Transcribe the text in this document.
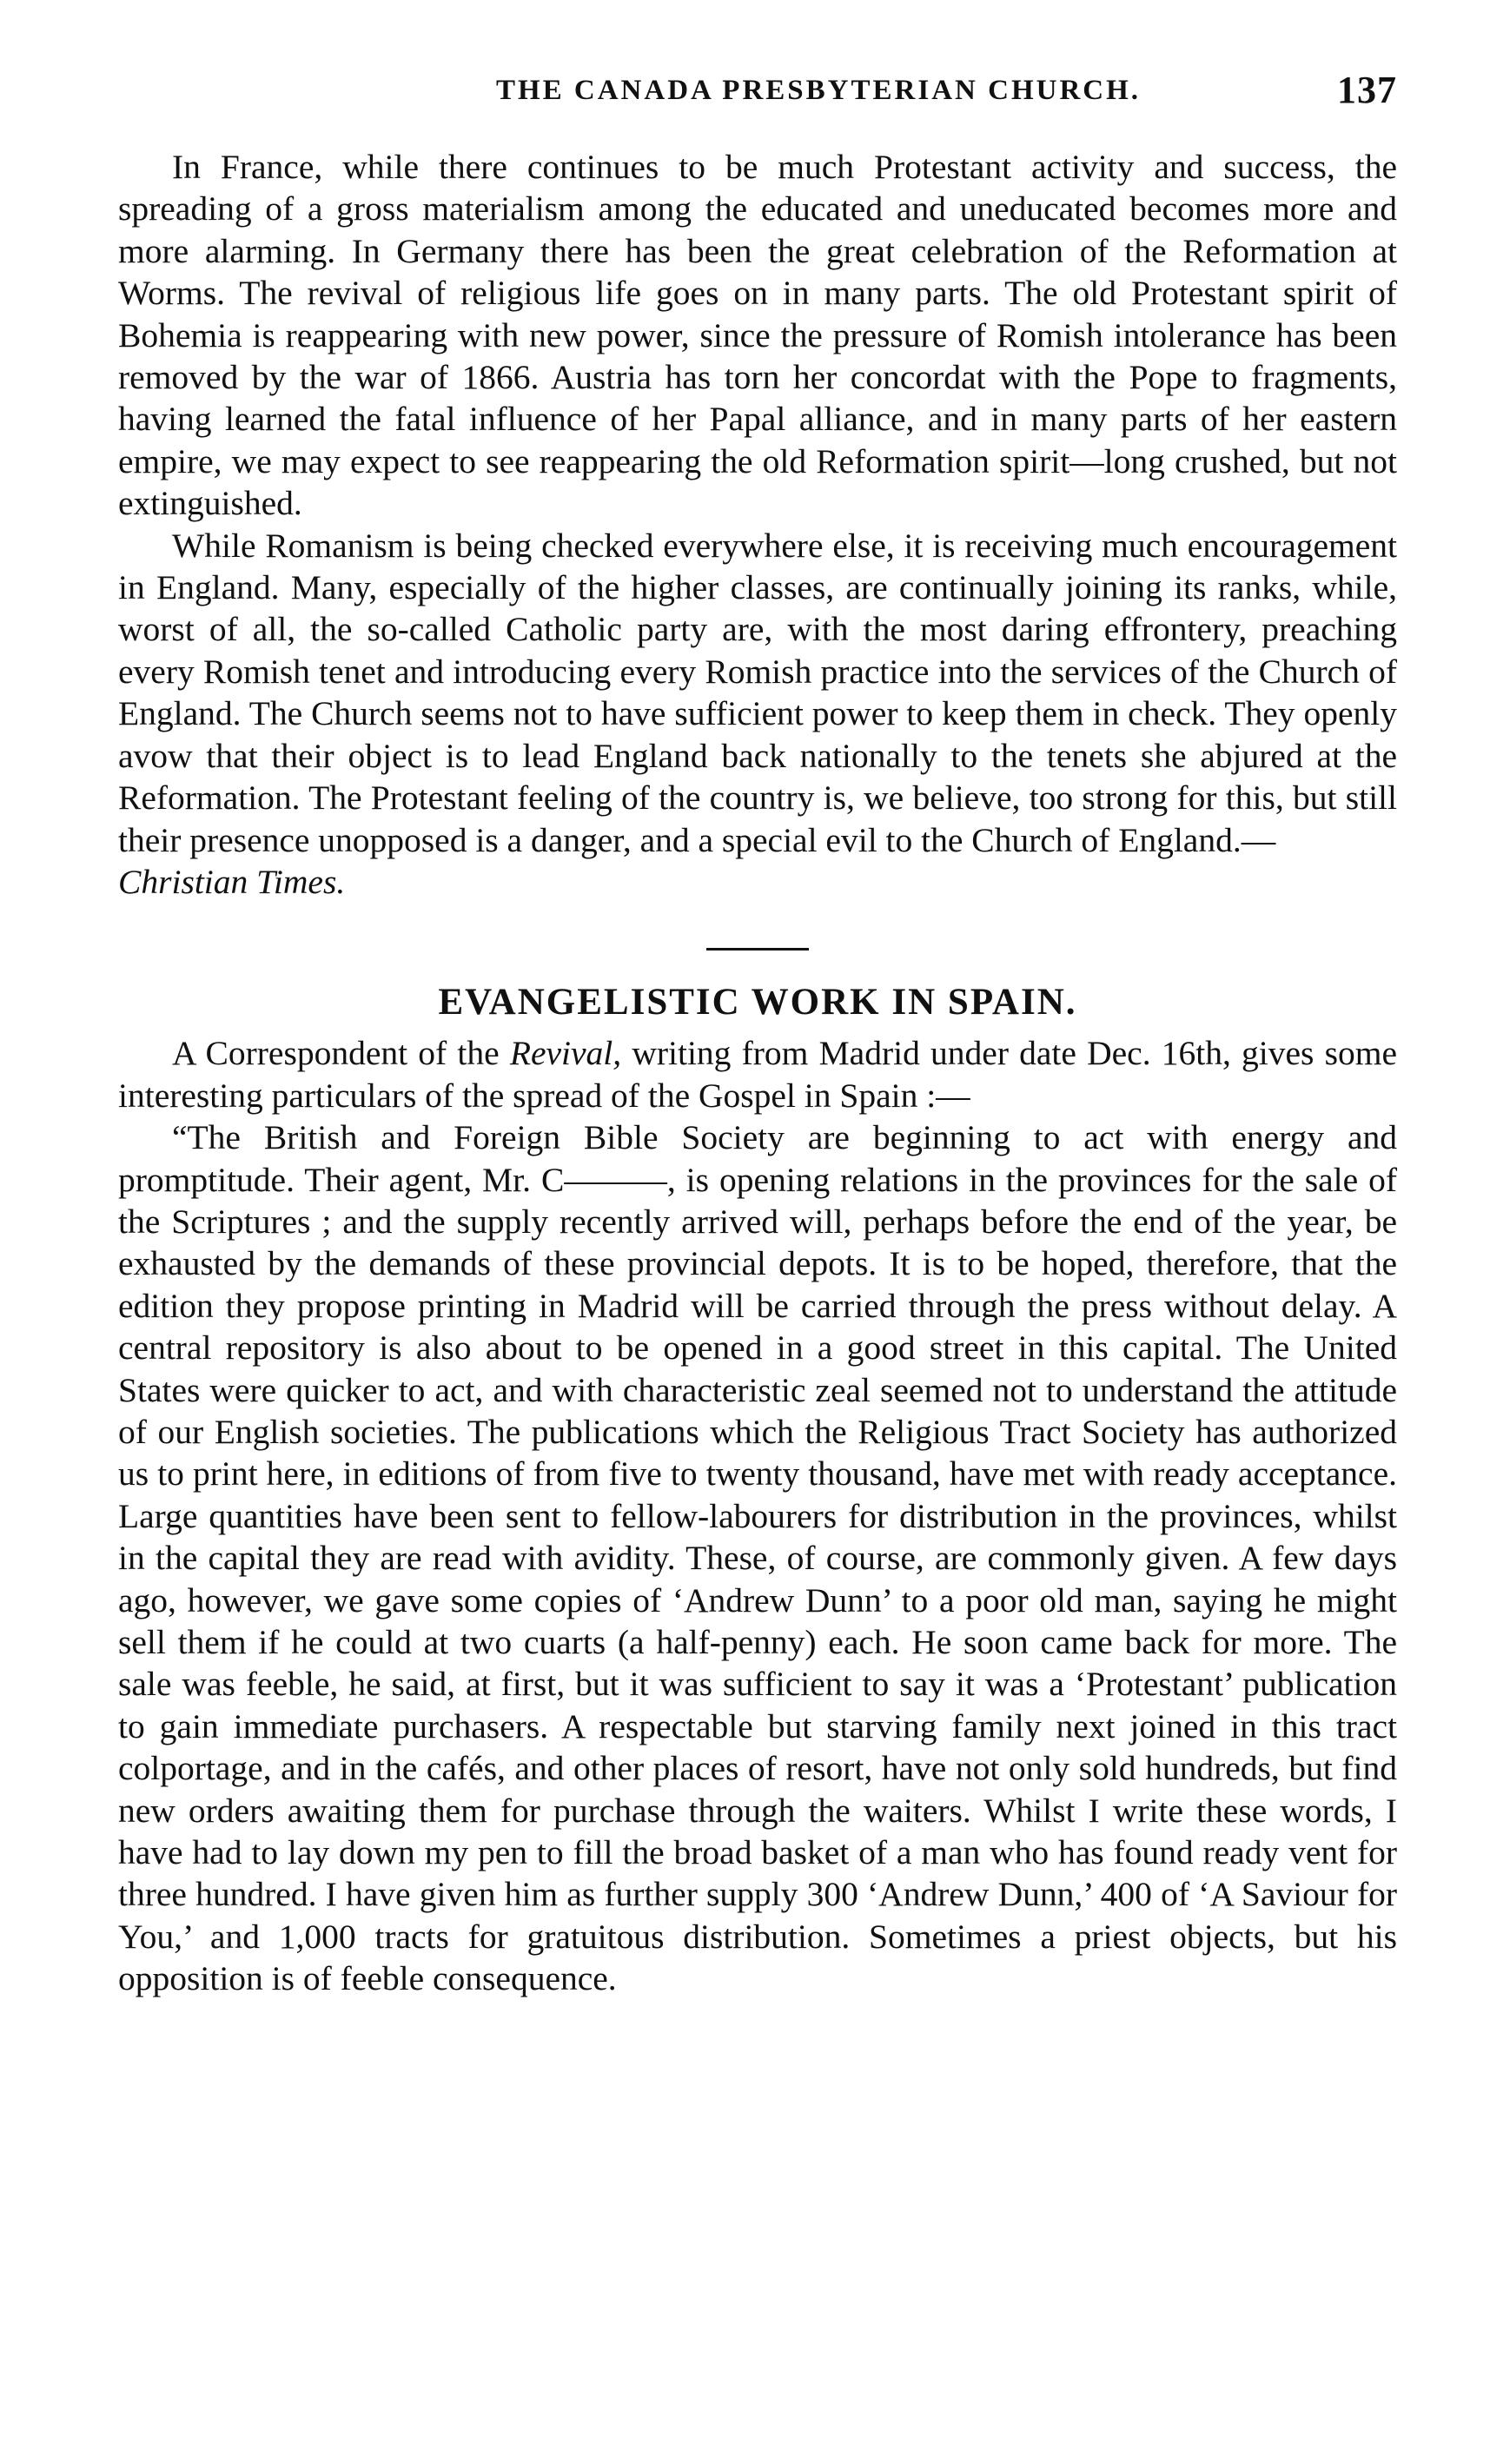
THE CANADA PRESBYTERIAN CHURCH.	137

In France, while there continues to be much Protestant activity and success, the spreading of a gross materialism among the educated and uneducated becomes more and more alarming. In Germany there has been the great celebration of the Reformation at Worms. The revival of religious life goes on in many parts. The old Protestant spirit of Bohemia is reappearing with new power, since the pressure of Romish intolerance has been removed by the war of 1866. Austria has torn her concordat with the Pope to fragments, having learned the fatal influence of her Papal alliance, and in many parts of her eastern empire, we may expect to see reappearing the old Reformation spirit—long crushed, but not extinguished.

While Romanism is being checked everywhere else, it is receiving much encouragement in England. Many, especially of the higher classes, are continually joining its ranks, while, worst of all, the so-called Catholic party are, with the most daring effrontery, preaching every Romish tenet and introducing every Romish practice into the services of the Church of England. The Church seems not to have sufficient power to keep them in check. They openly avow that their object is to lead England back nationally to the tenets she abjured at the Reformation. The Protestant feeling of the country is, we believe, too strong for this, but still their presence unopposed is a danger, and a special evil to the Church of England.—
Christian Times.

EVANGELISTIC WORK IN SPAIN.

A Correspondent of the Revival, writing from Madrid under date Dec. 16th, gives some interesting particulars of the spread of the Gospel in Spain :—

“The British and Foreign Bible Society are beginning to act with energy and promptitude. Their agent, Mr. C———, is opening relations in the provinces for the sale of the Scriptures ; and the supply recently arrived will, perhaps before the end of the year, be exhausted by the demands of these provincial depots. It is to be hoped, therefore, that the edition they propose printing in Madrid will be carried through the press without delay. A central repository is also about to be opened in a good street in this capital. The United States were quicker to act, and with characteristic zeal seemed not to understand the attitude of our English societies. The publications which the Religious Tract Society has authorized us to print here, in editions of from five to twenty thousand, have met with ready acceptance. Large quantities have been sent to fellow-labourers for distribution in the provinces, whilst in the capital they are read with avidity. These, of course, are commonly given. A few days ago, however, we gave some copies of ‘Andrew Dunn’ to a poor old man, saying he might sell them if he could at two cuarts (a half-penny) each. He soon came back for more. The sale was feeble, he said, at first, but it was sufficient to say it was a ‘Protestant’ publication to gain immediate purchasers. A respectable but starving family next joined in this tract colportage, and in the cafés, and other places of resort, have not only sold hundreds, but find new orders awaiting them for purchase through the waiters. Whilst I write these words, I have had to lay down my pen to fill the broad basket of a man who has found ready vent for three hundred. I have given him as further supply 300 ‘Andrew Dunn,’ 400 of ‘A Saviour for You,’ and 1,000 tracts for gratuitous distribution. Sometimes a priest objects, but his opposition is of feeble consequence.
